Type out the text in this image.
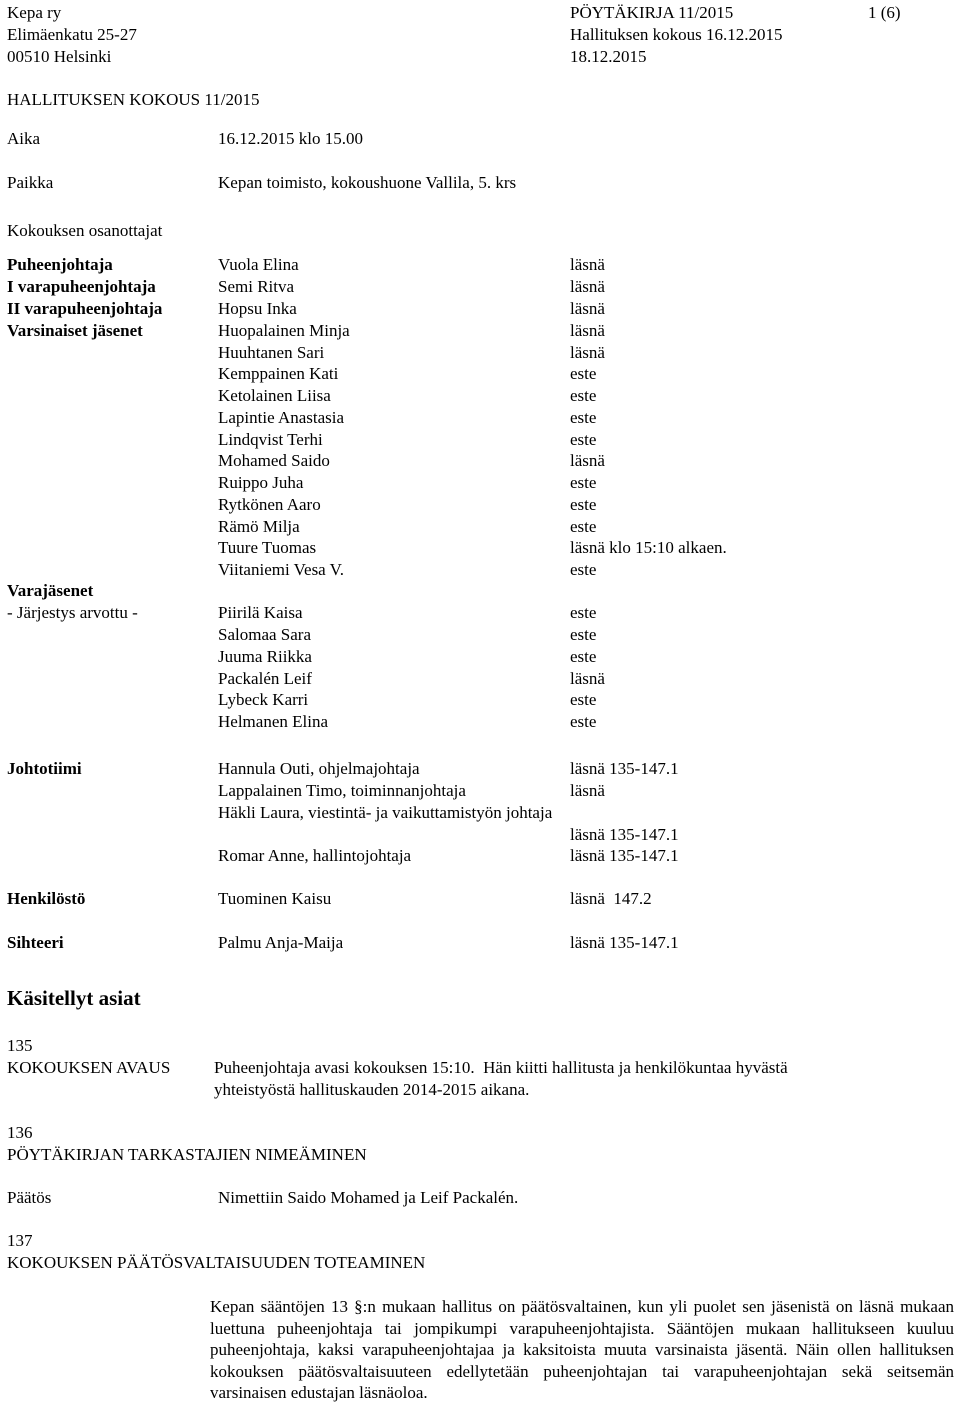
Kepa ry
Elimäenkatu 25-27
00510 Helsinki
PÖYTÄKIRJA 11/2015
Hallituksen kokous 16.12.2015
18.12.2015
1 (6)
HALLITUKSEN KOKOUS 11/2015
Aika	16.12.2015 klo 15.00
Paikka	Kepan toimisto, kokoushuone Vallila, 5. krs
Kokouksen osanottajat
Puheenjohtaja	Vuola Elina	läsnä
I varapuheenjohtaja	Semi Ritva	läsnä
II varapuheenjohtaja	Hopsu Inka	läsnä
Varsinaiset jäsenet	Huopalainen Minja	läsnä
Huuhtanen Sari	läsnä
Kemppainen Kati	este
Ketolainen Liisa	este
Lapintie Anastasia	este
Lindqvist Terhi	este
Mohamed Saido	läsnä
Ruippo Juha	este
Rytkönen Aaro	este
Rämö Milja	este
Tuure Tuomas	läsnä klo 15:10 alkaen.
Viitaniemi Vesa V.	este
Varajäsenet
- Järjestys arvottu -	Piirilä Kaisa	este
Salomaa Sara	este
Juuma Riikka	este
Packalén Leif	läsnä
Lybeck Karri	este
Helmanen Elina	este
Johtotiimi	Hannula Outi, ohjelmajohtaja	läsnä 135-147.1
Lappalainen Timo, toiminnanjohtaja	läsnä
Häkli Laura, viestintä- ja vaikuttamistyön johtaja
läsnä 135-147.1
Romar Anne, hallintojohtaja	läsnä 135-147.1
Henkilöstö	Tuominen Kaisu	läsnä  147.2
Sihteeri	Palmu Anja-Maija	läsnä 135-147.1
Käsitellyt asiat
135
KOKOUKSEN AVAUS	Puheenjohtaja avasi kokouksen 15:10.  Hän kiitti hallitusta ja henkilökuntaa hyvästä
yhteistyöstä hallituskauden 2014-2015 aikana.
136
PÖYTÄKIRJAN TARKASTAJIEN NIMEÄMINEN
Päätös	Nimettiin Saido Mohamed ja Leif Packalén.
137
KOKOUKSEN PÄÄTÖSVALTAISUUDEN TOTEAMINEN
Kepan sääntöjen 13 §:n mukaan hallitus on päätösvaltainen, kun yli puolet sen jäsenistä on läsnä mukaan luettuna puheenjohtaja tai jompikumpi varapuheenjohtajista. Sääntöjen mukaan hallitukseen kuuluu puheenjohtaja, kaksi varapuheenjohtajaa ja kaksitoista muuta varsinaista jäsentä. Näin ollen hallituksen kokouksen päätösvaltaisuuteen edellytetään puheenjohtajan tai varapuheenjohtajan sekä seitsemän varsinaisen edustajan läsnäoloa.
